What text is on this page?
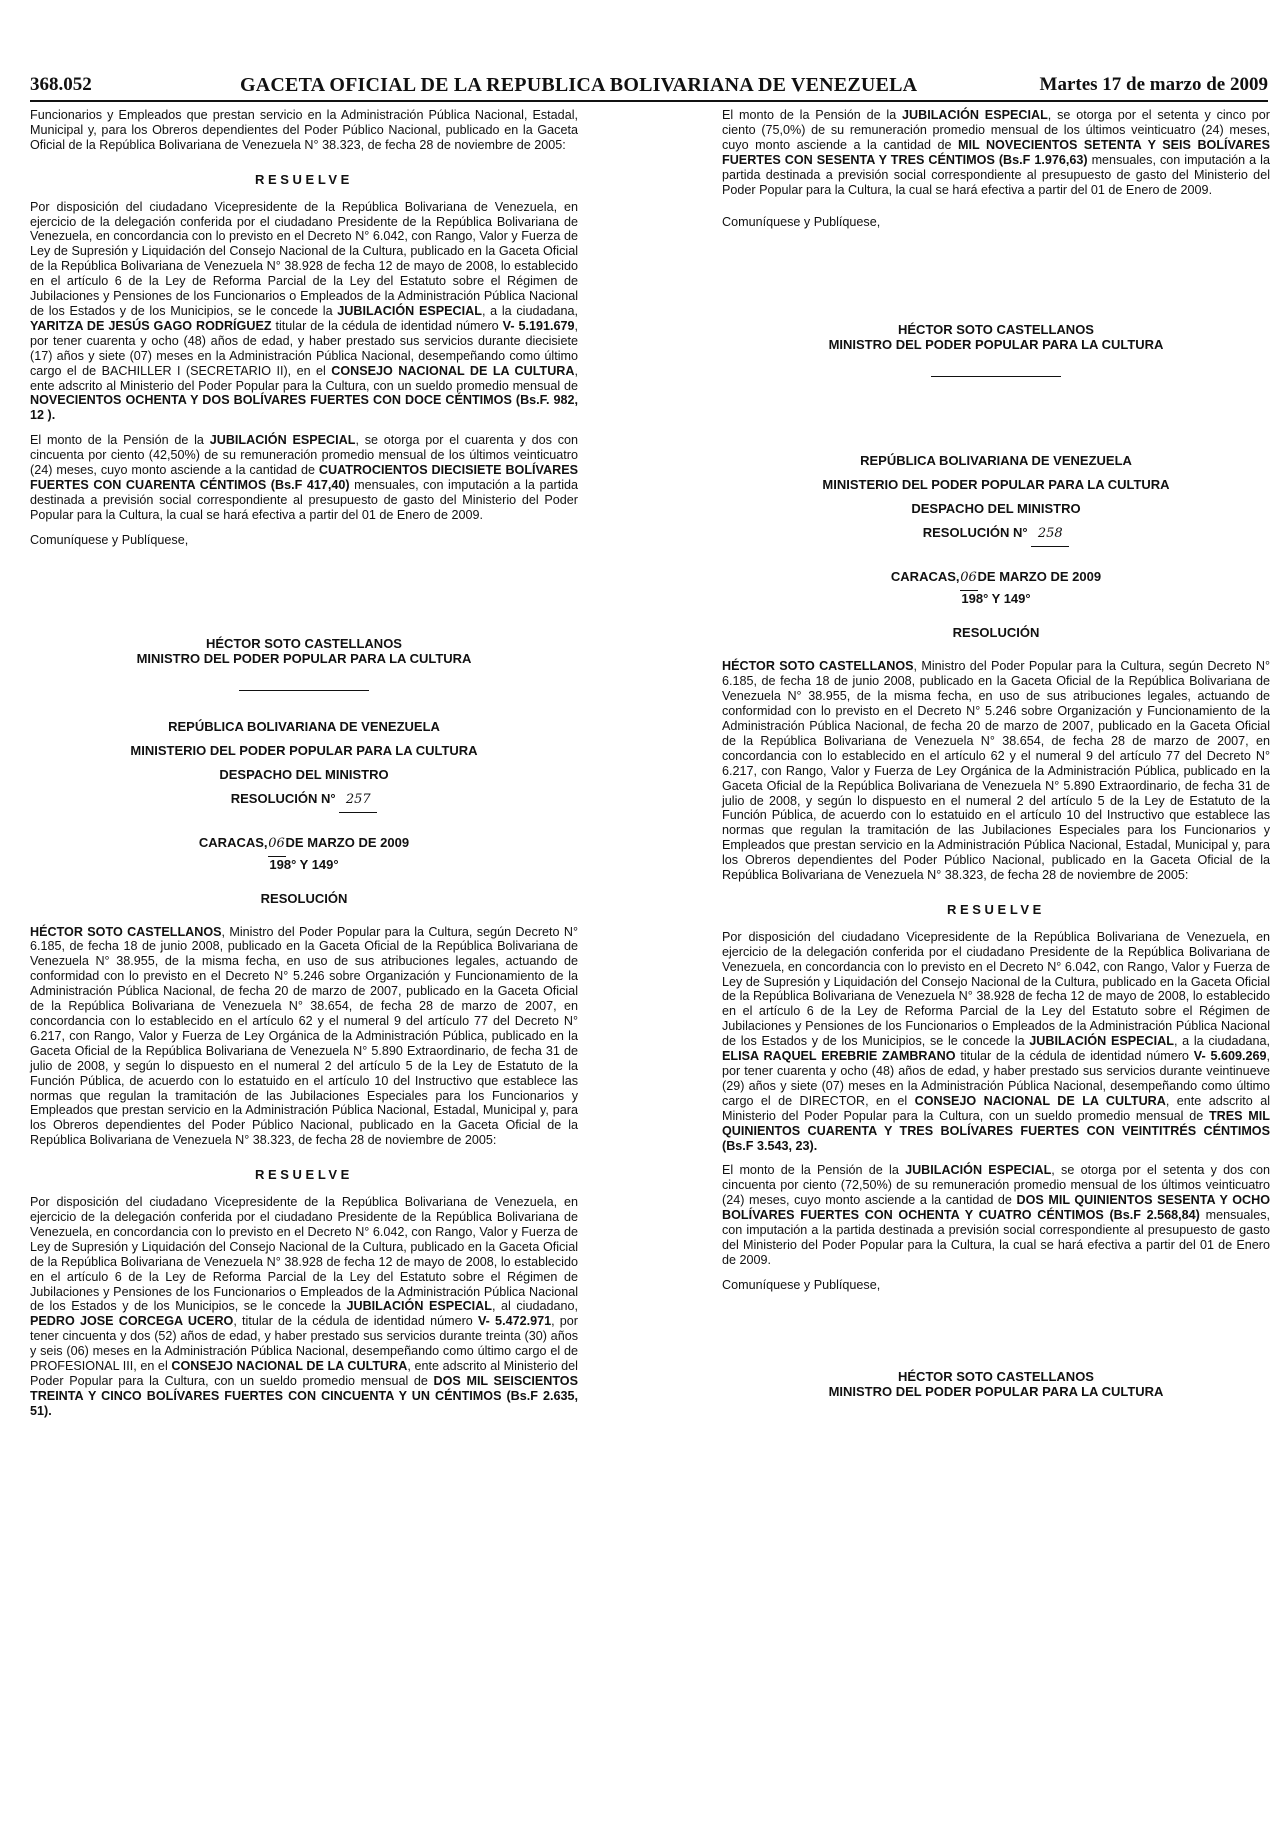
368.052	GACETA OFICIAL DE LA REPUBLICA BOLIVARIANA DE VENEZUELA	Martes 17 de marzo de 2009

Funcionarios y Empleados que prestan servicio en la Administración Pública Nacional, Estadal, Municipal y, para los Obreros dependientes del Poder Público Nacional, publicado en la Gaceta Oficial de la República Bolivariana de Venezuela N° 38.323, de fecha 28 de noviembre de 2005:

RESUELVE

Por disposición del ciudadano Vicepresidente de la República Bolivariana de Venezuela, en ejercicio de la delegación conferida por el ciudadano Presidente de la República Bolivariana de Venezuela, en concordancia con lo previsto en el Decreto N° 6.042, con Rango, Valor y Fuerza de Ley de Supresión y Liquidación del Consejo Nacional de la Cultura, publicado en la Gaceta Oficial de la República Bolivariana de Venezuela N° 38.928 de fecha 12 de mayo de 2008, lo establecido en el artículo 6 de la Ley de Reforma Parcial de la Ley del Estatuto sobre el Régimen de Jubilaciones y Pensiones de los Funcionarios o Empleados de la Administración Pública Nacional de los Estados y de los Municipios, se le concede la JUBILACIÓN ESPECIAL, a la ciudadana, YARITZA DE JESÚS GAGO RODRÍGUEZ titular de la cédula de identidad número V- 5.191.679, por tener cuarenta y ocho (48) años de edad, y haber prestado sus servicios durante diecisiete (17) años y siete (07) meses en la Administración Pública Nacional, desempeñando como último cargo el de BACHILLER I (SECRETARIO II), en el CONSEJO NACIONAL DE LA CULTURA, ente adscrito al Ministerio del Poder Popular para la Cultura, con un sueldo promedio mensual de NOVECIENTOS OCHENTA Y DOS BOLÍVARES FUERTES CON DOCE CÉNTIMOS (Bs.F. 982, 12 ).

El monto de la Pensión de la JUBILACIÓN ESPECIAL, se otorga por el cuarenta y dos con cincuenta por ciento (42,50%) de su remuneración promedio mensual de los últimos veinticuatro (24) meses, cuyo monto asciende a la cantidad de CUATROCIENTOS DIECISIETE BOLÍVARES FUERTES CON CUARENTA CÉNTIMOS (Bs.F 417,40) mensuales, con imputación a la partida destinada a previsión social correspondiente al presupuesto de gasto del Ministerio del Poder Popular para la Cultura, la cual se hará efectiva a partir del 01 de Enero de 2009.

Comuníquese y Publíquese,

HÉCTOR SOTO CASTELLANOS
MINISTRO DEL PODER POPULAR PARA LA CULTURA
REPÚBLICA BOLIVARIANA DE VENEZUELA
MINISTERIO DEL PODER POPULAR PARA LA CULTURA
DESPACHO DEL MINISTRO
RESOLUCIÓN N° 257
CARACAS,06DE MARZO DE 2009
198° Y 149°
RESOLUCIÓN

HÉCTOR SOTO CASTELLANOS, Ministro del Poder Popular para la Cultura, según Decreto N° 6.185, de fecha 18 de junio 2008, publicado en la Gaceta Oficial de la República Bolivariana de Venezuela N° 38.955, de la misma fecha, en uso de sus atribuciones legales, actuando de conformidad con lo previsto en el Decreto N° 5.246 sobre Organización y Funcionamiento de la Administración Pública Nacional, de fecha 20 de marzo de 2007, publicado en la Gaceta Oficial de la República Bolivariana de Venezuela N° 38.654, de fecha 28 de marzo de 2007, en concordancia con lo establecido en el artículo 62 y el numeral 9 del artículo 77 del Decreto N° 6.217, con Rango, Valor y Fuerza de Ley Orgánica de la Administración Pública, publicado en la Gaceta Oficial de la República Bolivariana de Venezuela N° 5.890 Extraordinario, de fecha 31 de julio de 2008, y según lo dispuesto en el numeral 2 del artículo 5 de la Ley de Estatuto de la Función Pública, de acuerdo con lo estatuido en el artículo 10 del Instructivo que establece las normas que regulan la tramitación de las Jubilaciones Especiales para los Funcionarios y Empleados que prestan servicio en la Administración Pública Nacional, Estadal, Municipal y, para los Obreros dependientes del Poder Público Nacional, publicado en la Gaceta Oficial de la República Bolivariana de Venezuela N° 38.323, de fecha 28 de noviembre de 2005:

RESUELVE

Por disposición del ciudadano Vicepresidente de la República Bolivariana de Venezuela, en ejercicio de la delegación conferida por el ciudadano Presidente de la República Bolivariana de Venezuela, en concordancia con lo previsto en el Decreto N° 6.042, con Rango, Valor y Fuerza de Ley de Supresión y Liquidación del Consejo Nacional de la Cultura, publicado en la Gaceta Oficial de la República Bolivariana de Venezuela N° 38.928 de fecha 12 de mayo de 2008, lo establecido en el artículo 6 de la Ley de Reforma Parcial de la Ley del Estatuto sobre el Régimen de Jubilaciones y Pensiones de los Funcionarios o Empleados de la Administración Pública Nacional de los Estados y de los Municipios, se le concede la JUBILACIÓN ESPECIAL, al ciudadano, PEDRO JOSE CORCEGA UCERO, titular de la cédula de identidad número V- 5.472.971, por tener cincuenta y dos (52) años de edad, y haber prestado sus servicios durante treinta (30) años y seis (06) meses en la Administración Pública Nacional, desempeñando como último cargo el de PROFESIONAL III, en el CONSEJO NACIONAL DE LA CULTURA, ente adscrito al Ministerio del Poder Popular para la Cultura, con un sueldo promedio mensual de DOS MIL SEISCIENTOS TREINTA Y CINCO BOLÍVARES FUERTES CON CINCUENTA Y UN CÉNTIMOS (Bs.F 2.635, 51).

El monto de la Pensión de la JUBILACIÓN ESPECIAL, se otorga por el setenta y cinco por ciento (75,0%) de su remuneración promedio mensual de los últimos veinticuatro (24) meses, cuyo monto asciende a la cantidad de MIL NOVECIENTOS SETENTA Y SEIS BOLÍVARES FUERTES CON SESENTA Y TRES CÉNTIMOS (Bs.F 1.976,63) mensuales, con imputación a la partida destinada a previsión social correspondiente al presupuesto de gasto del Ministerio del Poder Popular para la Cultura, la cual se hará efectiva a partir del 01 de Enero de 2009.

Comuníquese y Publíquese,

HÉCTOR SOTO CASTELLANOS
MINISTRO DEL PODER POPULAR PARA LA CULTURA
REPÚBLICA BOLIVARIANA DE VENEZUELA
MINISTERIO DEL PODER POPULAR PARA LA CULTURA
DESPACHO DEL MINISTRO
RESOLUCIÓN N° 258
CARACAS,06DE MARZO DE 2009
198° Y 149°
RESOLUCIÓN

HÉCTOR SOTO CASTELLANOS, Ministro del Poder Popular para la Cultura, según Decreto N° 6.185, de fecha 18 de junio 2008, publicado en la Gaceta Oficial de la República Bolivariana de Venezuela N° 38.955, de la misma fecha, en uso de sus atribuciones legales, actuando de conformidad con lo previsto en el Decreto N° 5.246 sobre Organización y Funcionamiento de la Administración Pública Nacional, de fecha 20 de marzo de 2007, publicado en la Gaceta Oficial de la República Bolivariana de Venezuela N° 38.654, de fecha 28 de marzo de 2007, en concordancia con lo establecido en el artículo 62 y el numeral 9 del artículo 77 del Decreto N° 6.217, con Rango, Valor y Fuerza de Ley Orgánica de la Administración Pública, publicado en la Gaceta Oficial de la República Bolivariana de Venezuela N° 5.890 Extraordinario, de fecha 31 de julio de 2008, y según lo dispuesto en el numeral 2 del artículo 5 de la Ley de Estatuto de la Función Pública, de acuerdo con lo estatuido en el artículo 10 del Instructivo que establece las normas que regulan la tramitación de las Jubilaciones Especiales para los Funcionarios y Empleados que prestan servicio en la Administración Pública Nacional, Estadal, Municipal y, para los Obreros dependientes del Poder Público Nacional, publicado en la Gaceta Oficial de la República Bolivariana de Venezuela N° 38.323, de fecha 28 de noviembre de 2005:

RESUELVE

Por disposición del ciudadano Vicepresidente de la República Bolivariana de Venezuela, en ejercicio de la delegación conferida por el ciudadano Presidente de la República Bolivariana de Venezuela, en concordancia con lo previsto en el Decreto N° 6.042, con Rango, Valor y Fuerza de Ley de Supresión y Liquidación del Consejo Nacional de la Cultura, publicado en la Gaceta Oficial de la República Bolivariana de Venezuela N° 38.928 de fecha 12 de mayo de 2008, lo establecido en el artículo 6 de la Ley de Reforma Parcial de la Ley del Estatuto sobre el Régimen de Jubilaciones y Pensiones de los Funcionarios o Empleados de la Administración Pública Nacional de los Estados y de los Municipios, se le concede la JUBILACIÓN ESPECIAL, a la ciudadana, ELISA RAQUEL EREBRIE ZAMBRANO titular de la cédula de identidad número V- 5.609.269, por tener cuarenta y ocho (48) años de edad, y haber prestado sus servicios durante veintinueve (29) años y siete (07) meses en la Administración Pública Nacional, desempeñando como último cargo el de DIRECTOR, en el CONSEJO NACIONAL DE LA CULTURA, ente adscrito al Ministerio del Poder Popular para la Cultura, con un sueldo promedio mensual de TRES MIL QUINIENTOS CUARENTA Y TRES BOLÍVARES FUERTES CON VEINTITRÉS CÉNTIMOS (Bs.F 3.543, 23).

El monto de la Pensión de la JUBILACIÓN ESPECIAL, se otorga por el setenta y dos con cincuenta por ciento (72,50%) de su remuneración promedio mensual de los últimos veinticuatro (24) meses, cuyo monto asciende a la cantidad de DOS MIL QUINIENTOS SESENTA Y OCHO BOLÍVARES FUERTES CON OCHENTA Y CUATRO CÉNTIMOS (Bs.F 2.568,84) mensuales, con imputación a la partida destinada a previsión social correspondiente al presupuesto de gasto del Ministerio del Poder Popular para la Cultura, la cual se hará efectiva a partir del 01 de Enero de 2009.

Comuníquese y Publíquese,

HÉCTOR SOTO CASTELLANOS
MINISTRO DEL PODER POPULAR PARA LA CULTURA
